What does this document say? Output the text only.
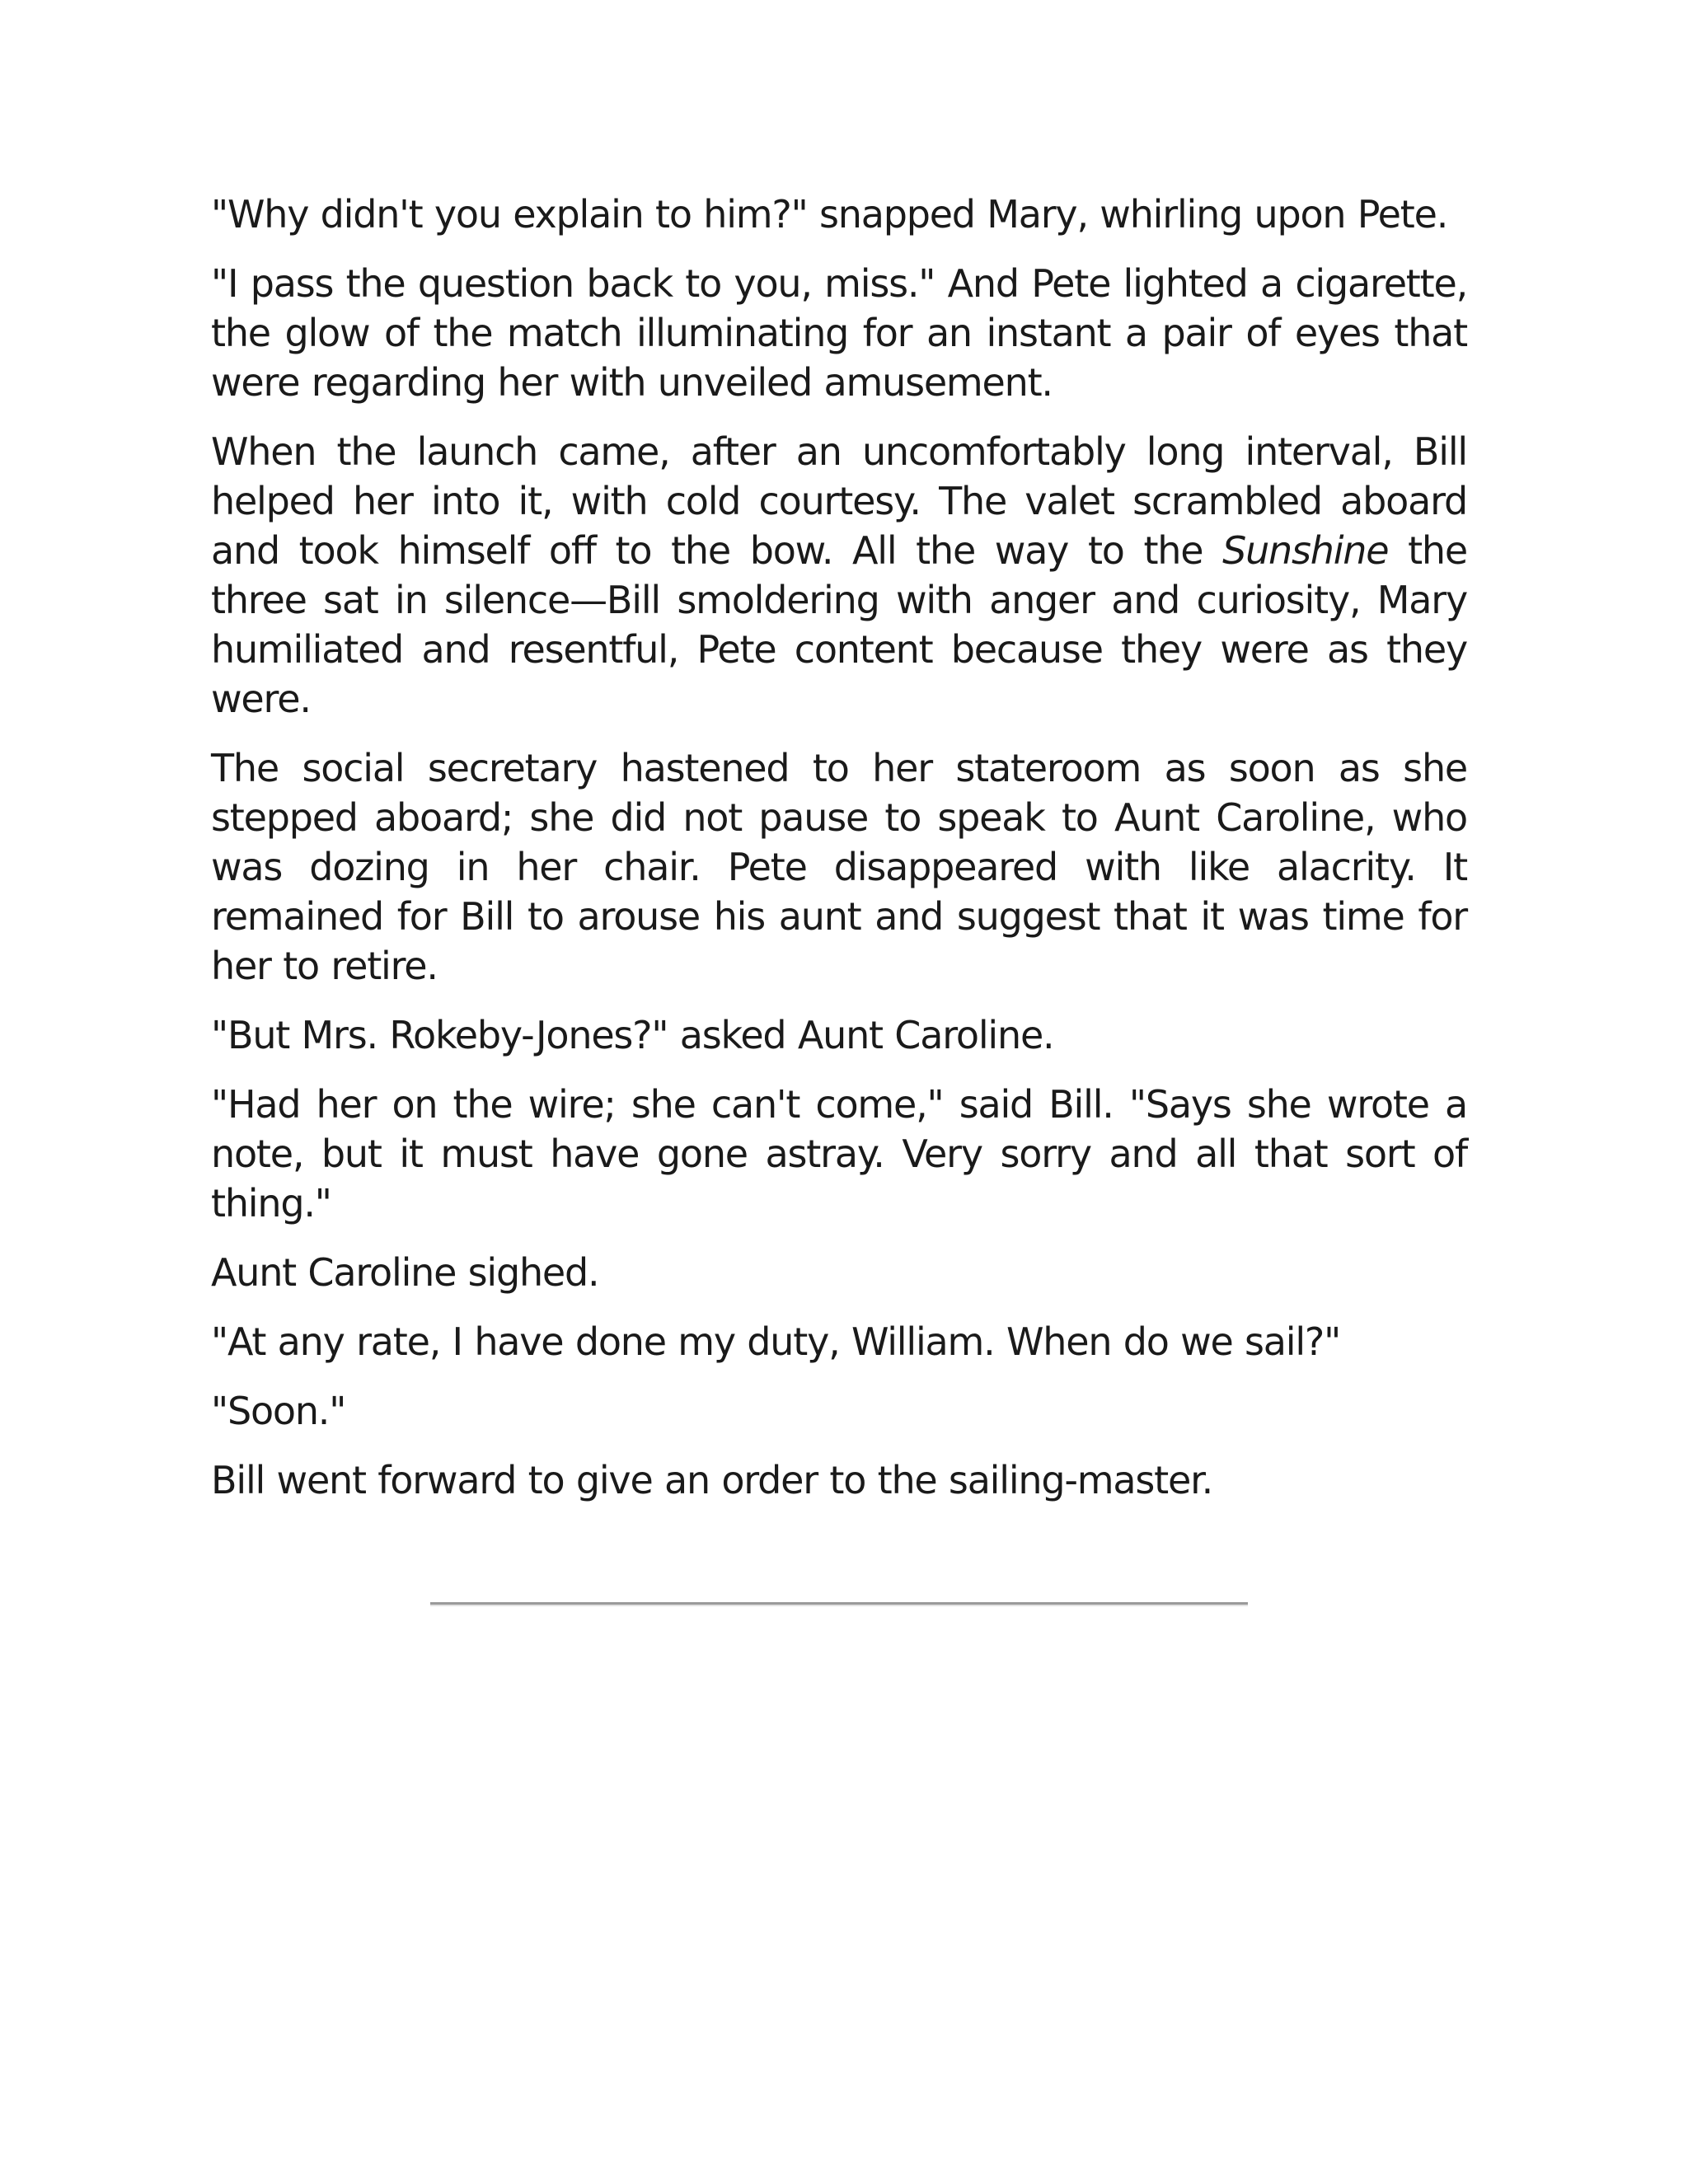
"Why didn't you explain to him?" snapped Mary, whirling upon Pete.

"I pass the question back to you, miss." And Pete lighted a cigarette, the glow of the match illuminating for an instant a pair of eyes that were regarding her with unveiled amusement.

When the launch came, after an uncomfortably long interval, Bill helped her into it, with cold courtesy. The valet scrambled aboard and took himself off to the bow. All the way to the Sunshine the three sat in silence—Bill smoldering with anger and curiosity, Mary humiliated and resentful, Pete content because they were as they were.

The social secretary hastened to her stateroom as soon as she stepped aboard; she did not pause to speak to Aunt Caroline, who was dozing in her chair. Pete disappeared with like alacrity. It remained for Bill to arouse his aunt and suggest that it was time for her to retire.

"But Mrs. Rokeby-Jones?" asked Aunt Caroline.

"Had her on the wire; she can't come," said Bill. "Says she wrote a note, but it must have gone astray. Very sorry and all that sort of thing."

Aunt Caroline sighed.

"At any rate, I have done my duty, William. When do we sail?"

"Soon."

Bill went forward to give an order to the sailing-master.
